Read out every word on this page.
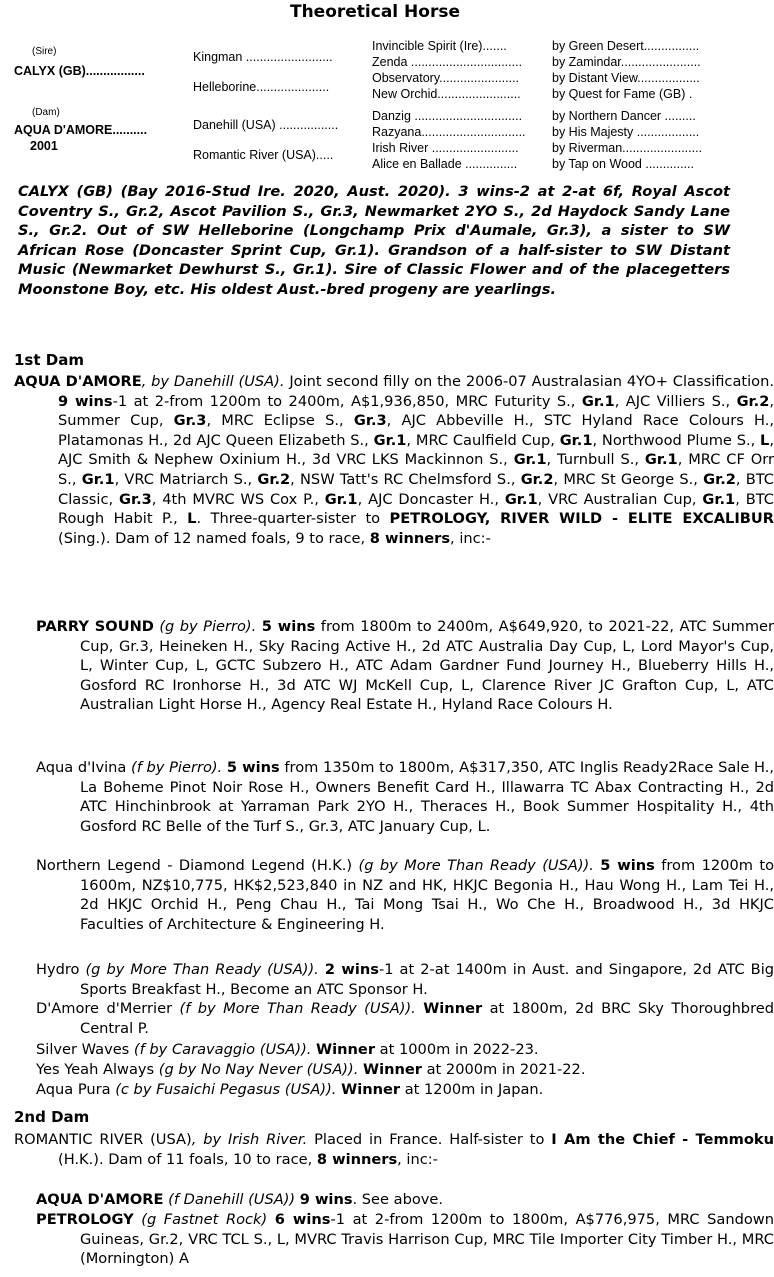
Theoretical Horse
(Sire)
CALYX (GB).................
(Dam)
AQUA D'AMORE..........
2001
Kingman .........................
Helleborine.....................
Danehill (USA) .................
Romantic River (USA).....
Invincible Spirit (Ire).......
Zenda ................................
Observatory.......................
New Orchid........................
Danzig ...............................
Razyana..............................
Irish River .........................
Alice en Ballade ...............
by Green Desert................
by Zamindar.......................
by Distant View..................
by Quest for Fame (GB) .
by Northern Dancer .........
by His Majesty ..................
by Riverman.......................
by Tap on Wood ..............
CALYX (GB) (Bay 2016-Stud Ire. 2020, Aust. 2020). 3 wins-2 at 2-at 6f, Royal Ascot Coventry S., Gr.2, Ascot Pavilion S., Gr.3, Newmarket 2YO S., 2d Haydock Sandy Lane S., Gr.2. Out of SW Helleborine (Longchamp Prix d'Aumale, Gr.3), a sister to SW African Rose (Doncaster Sprint Cup, Gr.1). Grandson of a half-sister to SW Distant Music (Newmarket Dewhurst S., Gr.1). Sire of Classic Flower and of the placegetters Moonstone Boy, etc. His oldest Aust.-bred progeny are yearlings.
1st Dam
AQUA D'AMORE, by Danehill (USA). Joint second filly on the 2006-07 Australasian 4YO+ Classification. 9 wins-1 at 2-from 1200m to 2400m, A$1,936,850, MRC Futurity S., Gr.1, AJC Villiers S., Gr.2, Summer Cup, Gr.3, MRC Eclipse S., Gr.3, AJC Abbeville H., STC Hyland Race Colours H., Platamonas H., 2d AJC Queen Elizabeth S., Gr.1, MRC Caulfield Cup, Gr.1, Northwood Plume S., L, AJC Smith & Nephew Oxinium H., 3d VRC LKS Mackinnon S., Gr.1, Turnbull S., Gr.1, MRC CF Orr S., Gr.1, VRC Matriarch S., Gr.2, NSW Tatt's RC Chelmsford S., Gr.2, MRC St George S., Gr.2, BTC Classic, Gr.3, 4th MVRC WS Cox P., Gr.1, AJC Doncaster H., Gr.1, VRC Australian Cup, Gr.1, BTC Rough Habit P., L. Three-quarter-sister to PETROLOGY, RIVER WILD - ELITE EXCALIBUR (Sing.). Dam of 12 named foals, 9 to race, 8 winners, inc:-
PARRY SOUND (g by Pierro). 5 wins from 1800m to 2400m, A$649,920, to 2021-22, ATC Summer Cup, Gr.3, Heineken H., Sky Racing Active H., 2d ATC Australia Day Cup, L, Lord Mayor's Cup, L, Winter Cup, L, GCTC Subzero H., ATC Adam Gardner Fund Journey H., Blueberry Hills H., Gosford RC Ironhorse H., 3d ATC WJ McKell Cup, L, Clarence River JC Grafton Cup, L, ATC Australian Light Horse H., Agency Real Estate H., Hyland Race Colours H.
Aqua d'Ivina (f by Pierro). 5 wins from 1350m to 1800m, A$317,350, ATC Inglis Ready2Race Sale H., La Boheme Pinot Noir Rose H., Owners Benefit Card H., Illawarra TC Abax Contracting H., 2d ATC Hinchinbrook at Yarraman Park 2YO H., Theraces H., Book Summer Hospitality H., 4th Gosford RC Belle of the Turf S., Gr.3, ATC January Cup, L.
Northern Legend - Diamond Legend (H.K.) (g by More Than Ready (USA)). 5 wins from 1200m to 1600m, NZ$10,775, HK$2,523,840 in NZ and HK, HKJC Begonia H., Hau Wong H., Lam Tei H., 2d HKJC Orchid H., Peng Chau H., Tai Mong Tsai H., Wo Che H., Broadwood H., 3d HKJC Faculties of Architecture & Engineering H.
Hydro (g by More Than Ready (USA)). 2 wins-1 at 2-at 1400m in Aust. and Singapore, 2d ATC Big Sports Breakfast H., Become an ATC Sponsor H.
D'Amore d'Merrier (f by More Than Ready (USA)). Winner at 1800m, 2d BRC Sky Thoroughbred Central P.
Silver Waves (f by Caravaggio (USA)). Winner at 1000m in 2022-23.
Yes Yeah Always (g by No Nay Never (USA)). Winner at 2000m in 2021-22.
Aqua Pura (c by Fusaichi Pegasus (USA)). Winner at 1200m in Japan.
2nd Dam
ROMANTIC RIVER (USA), by Irish River. Placed in France. Half-sister to I Am the Chief - Temmoku (H.K.). Dam of 11 foals, 10 to race, 8 winners, inc:-
AQUA D'AMORE (f Danehill (USA)) 9 wins. See above.
PETROLOGY (g Fastnet Rock) 6 wins-1 at 2-from 1200m to 1800m, A$776,975, MRC Sandown Guineas, Gr.2, VRC TCL S., L, MVRC Travis Harrison Cup, MRC Tile Importer City Timber H., MRC (Mornington) A
